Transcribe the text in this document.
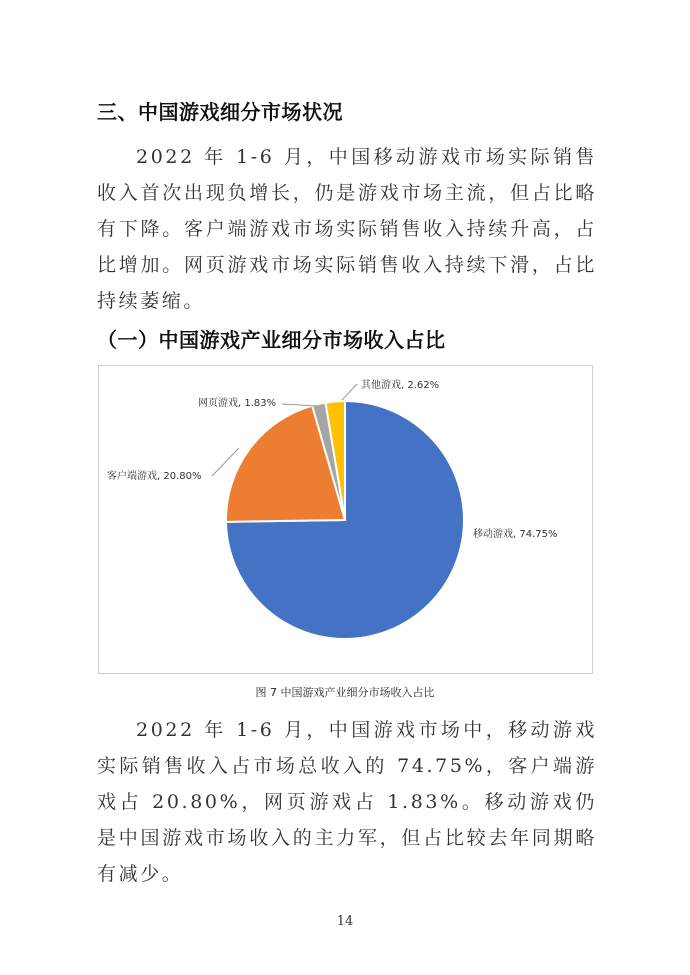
三、中国游戏细分市场状况

2022 年 1-6 月，中国移动游戏市场实际销售收入首次出现负增长，仍是游戏市场主流，但占比略有下降。客户端游戏市场实际销售收入持续升高，占比增加。网页游戏市场实际销售收入持续下滑，占比持续萎缩。

（一）中国游戏产业细分市场收入占比
移动游戏, 74.75%
客户端游戏, 20.80%
网页游戏, 1.83%
其他游戏, 2.62%

图 7 中国游戏产业细分市场收入占比

2022 年 1-6 月，中国游戏市场中，移动游戏实际销售收入占市场总收入的 74.75%，客户端游戏占 20.80%，网页游戏占 1.83%。移动游戏仍是中国游戏市场收入的主力军，但占比较去年同期略有减少。

14
